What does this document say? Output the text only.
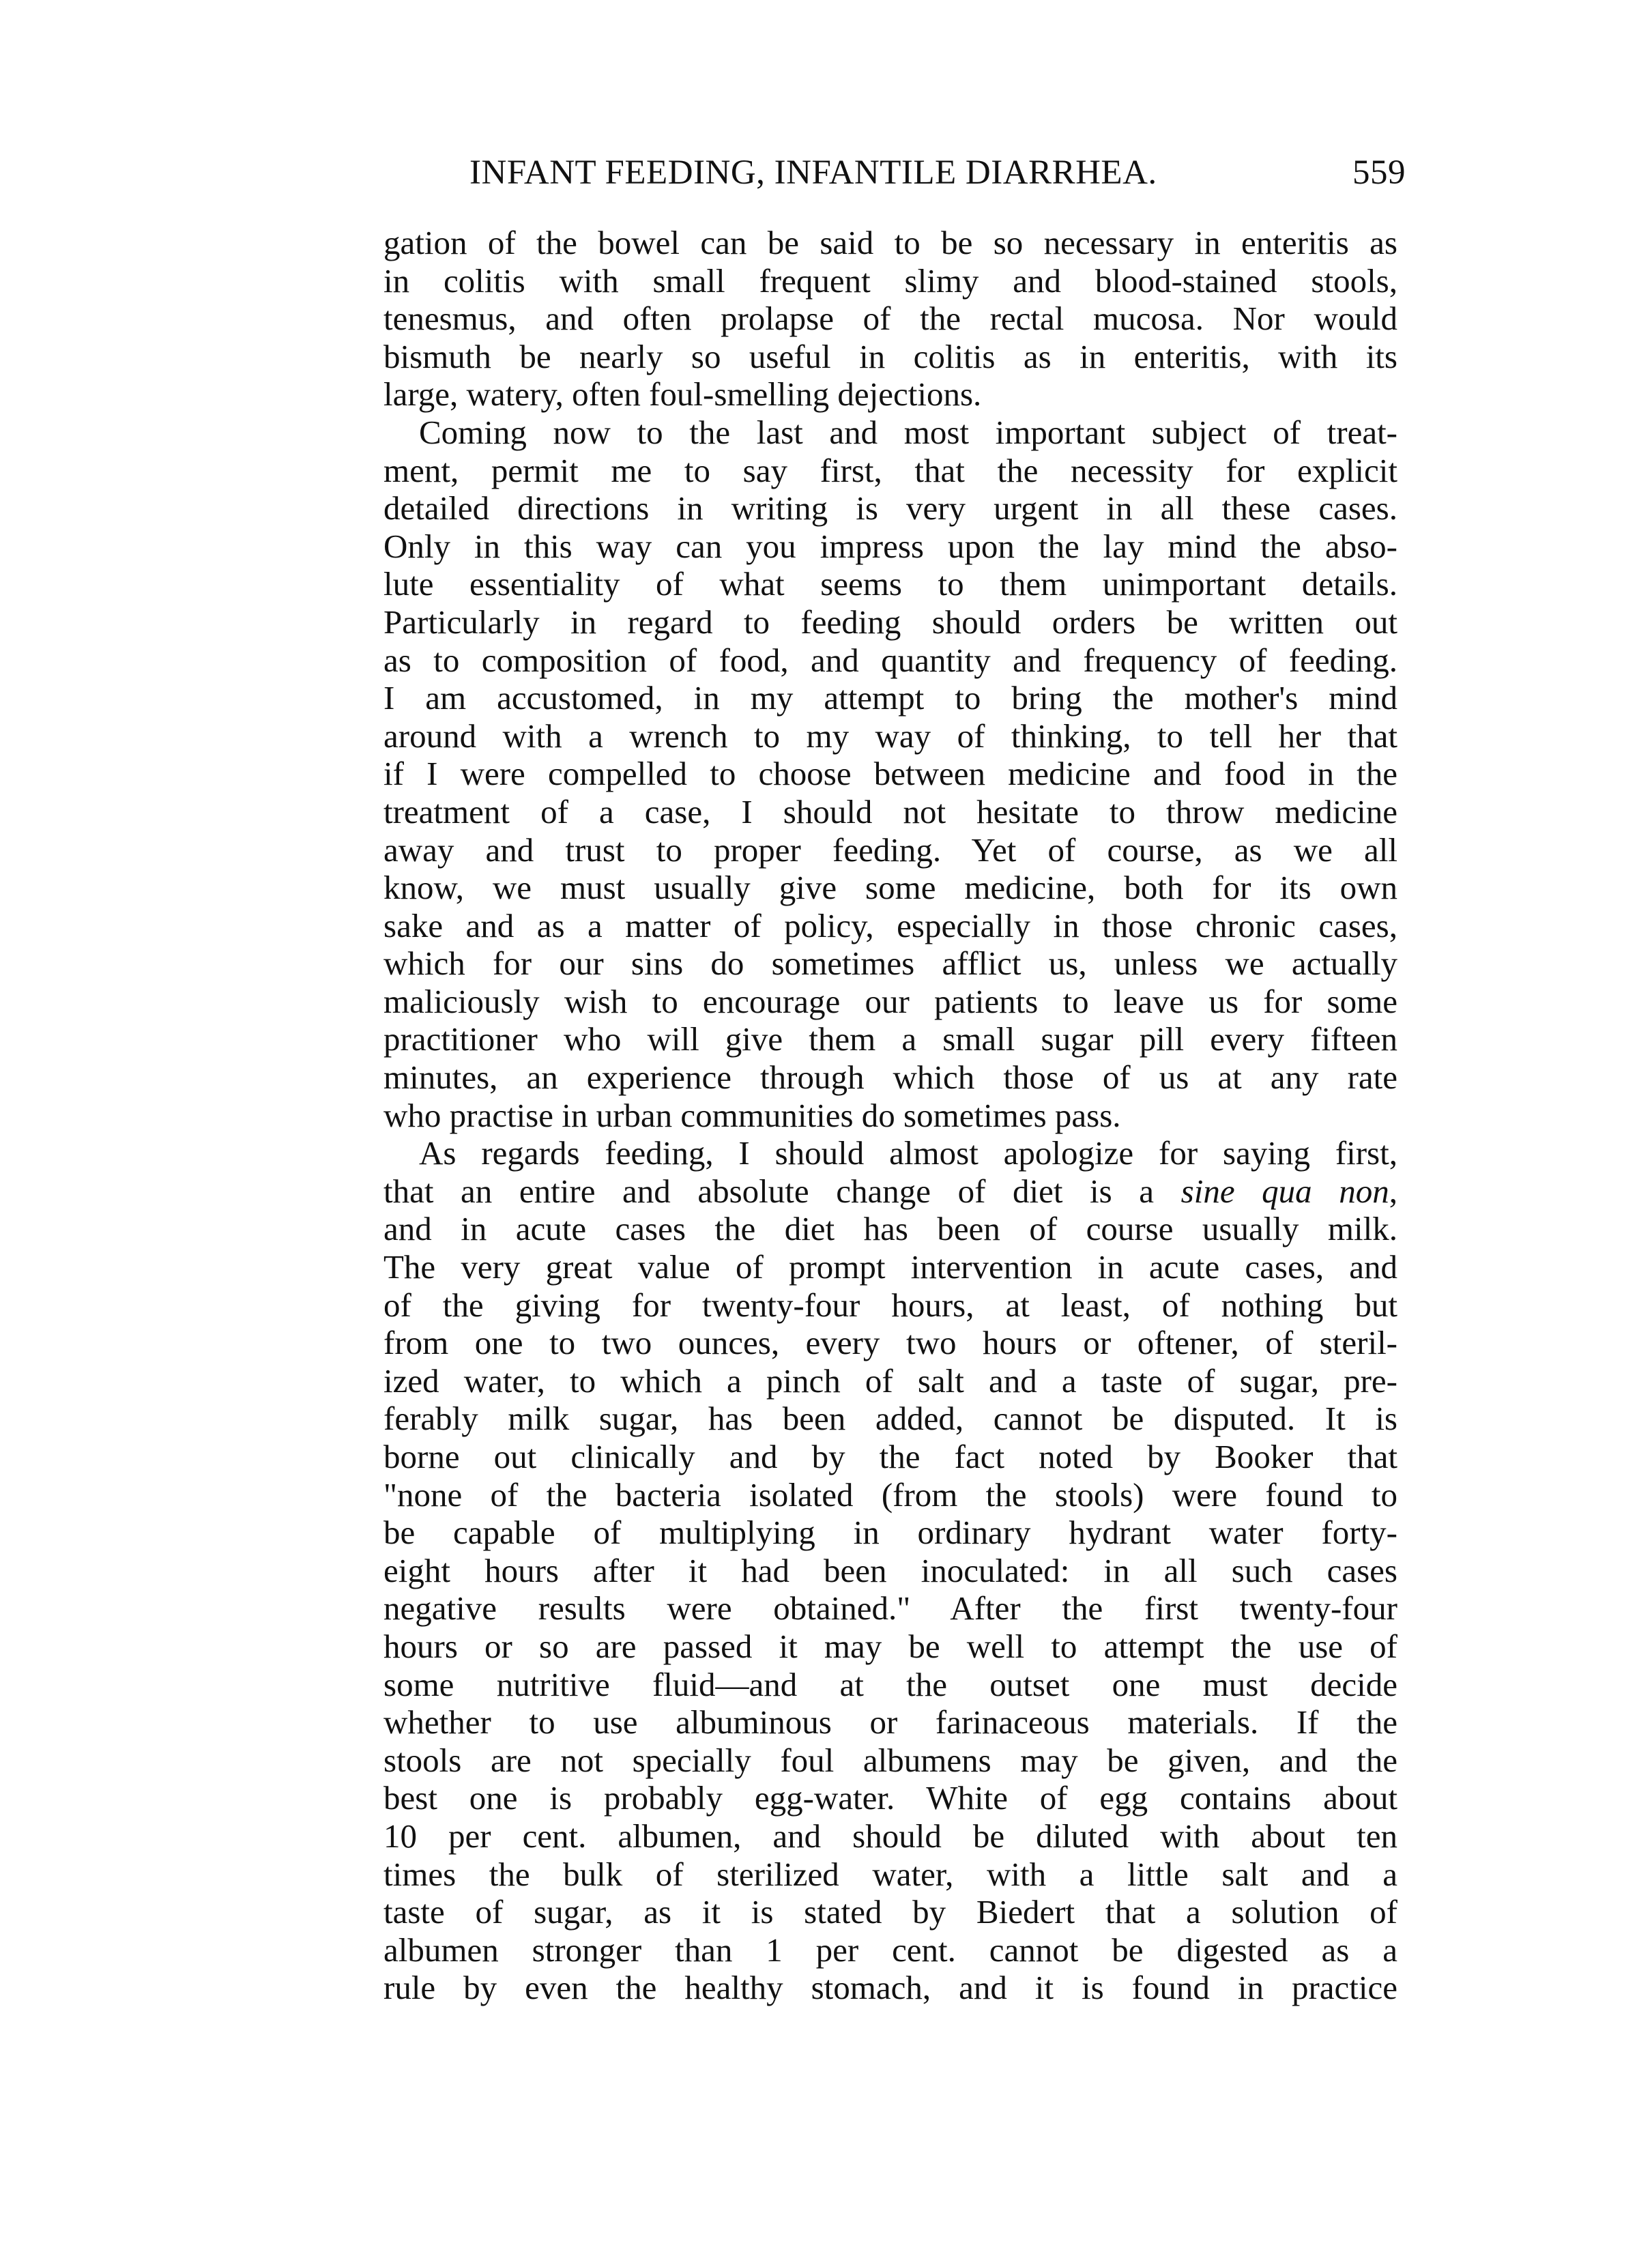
INFANT FEEDING, INFANTILE DIARRHEA.	559
gation of the bowel can be said to be so necessary in enteritis as
in colitis with small frequent slimy and blood-stained stools,
tenesmus, and often prolapse of the rectal mucosa. Nor would
bismuth be nearly so useful in colitis as in enteritis, with its
large, watery, often foul-smelling dejections.
Coming now to the last and most important subject of treat-
ment, permit me to say first, that the necessity for explicit
detailed directions in writing is very urgent in all these cases.
Only in this way can you impress upon the lay mind the abso-
lute essentiality of what seems to them unimportant details.
Particularly in regard to feeding should orders be written out
as to composition of food, and quantity and frequency of feeding.
I am accustomed, in my attempt to bring the mother's mind
around with a wrench to my way of thinking, to tell her that
if I were compelled to choose between medicine and food in the
treatment of a case, I should not hesitate to throw medicine
away and trust to proper feeding. Yet of course, as we all
know, we must usually give some medicine, both for its own
sake and as a matter of policy, especially in those chronic cases,
which for our sins do sometimes afflict us, unless we actually
maliciously wish to encourage our patients to leave us for some
practitioner who will give them a small sugar pill every fifteen
minutes, an experience through which those of us at any rate
who practise in urban communities do sometimes pass.
As regards feeding, I should almost apologize for saying first,
that an entire and absolute change of diet is a sine qua non,
and in acute cases the diet has been of course usually milk.
The very great value of prompt intervention in acute cases, and
of the giving for twenty-four hours, at least, of nothing but
from one to two ounces, every two hours or oftener, of steril-
ized water, to which a pinch of salt and a taste of sugar, pre-
ferably milk sugar, has been added, cannot be disputed. It is
borne out clinically and by the fact noted by Booker that
"none of the bacteria isolated (from the stools) were found to
be capable of multiplying in ordinary hydrant water forty-
eight hours after it had been inoculated: in all such cases
negative results were obtained." After the first twenty-four
hours or so are passed it may be well to attempt the use of
some nutritive fluid—and at the outset one must decide
whether to use albuminous or farinaceous materials. If the
stools are not specially foul albumens may be given, and the
best one is probably egg-water. White of egg contains about
10 per cent. albumen, and should be diluted with about ten
times the bulk of sterilized water, with a little salt and a
taste of sugar, as it is stated by Biedert that a solution of
albumen stronger than 1 per cent. cannot be digested as a
rule by even the healthy stomach, and it is found in practice
